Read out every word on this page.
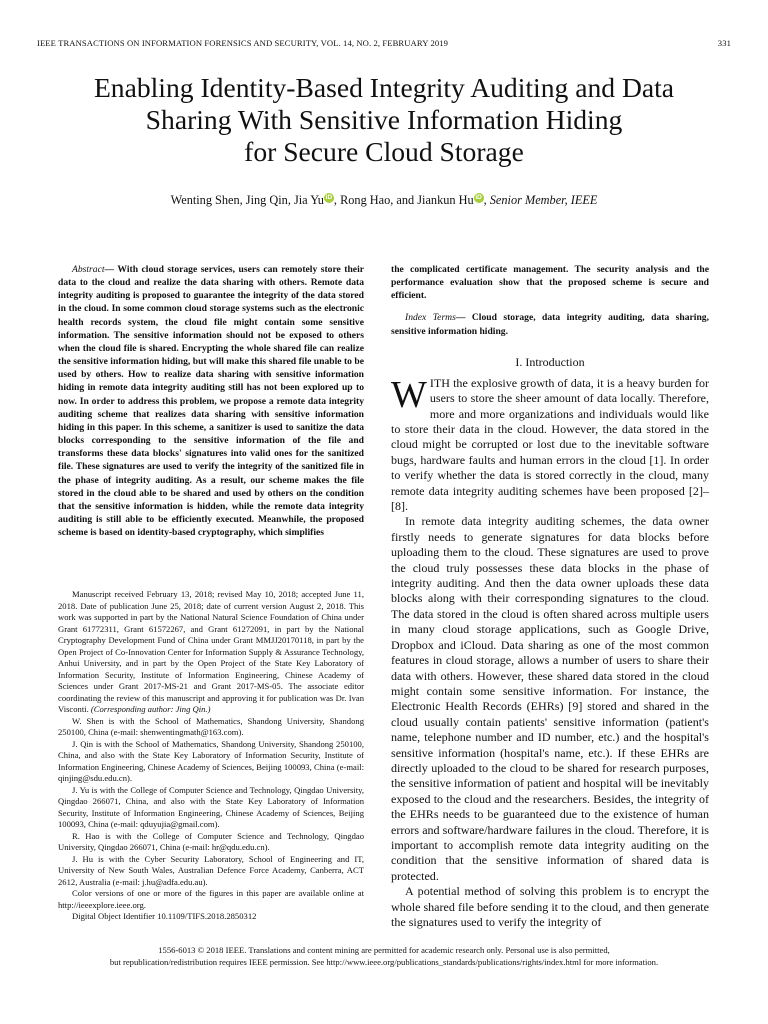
IEEE TRANSACTIONS ON INFORMATION FORENSICS AND SECURITY, VOL. 14, NO. 2, FEBRUARY 2019	331
Enabling Identity-Based Integrity Auditing and Data
Sharing With Sensitive Information Hiding
for Secure Cloud Storage
Wenting Shen, Jing Qin, Jia Yu iD , Rong Hao, and Jiankun Hu iD , Senior Member, IEEE

Abstract— With cloud storage services, users can remotely store their data to the cloud and realize the data sharing with others. Remote data integrity auditing is proposed to guarantee the integrity of the data stored in the cloud. In some common cloud storage systems such as the electronic health records system, the cloud file might contain some sensitive information. The sensitive information should not be exposed to others when the cloud file is shared. Encrypting the whole shared file can realize the sensitive information hiding, but will make this shared file unable to be used by others. How to realize data sharing with sensitive information hiding in remote data integrity auditing still has not been explored up to now. In order to address this problem, we propose a remote data integrity auditing scheme that realizes data sharing with sensitive information hiding in this paper. In this scheme, a sanitizer is used to sanitize the data blocks corresponding to the sensitive information of the file and transforms these data blocks' signatures into valid ones for the sanitized file. These signatures are used to verify the integrity of the sanitized file in the phase of integrity auditing. As a result, our scheme makes the file stored in the cloud able to be shared and used by others on the condition that the sensitive information is hidden, while the remote data integrity auditing is still able to be efficiently executed. Meanwhile, the proposed scheme is based on identity-based cryptography, which simplifies

Manuscript received February 13, 2018; revised May 10, 2018; accepted June 11, 2018. Date of publication June 25, 2018; date of current version August 2, 2018. This work was supported in part by the National Natural Science Foundation of China under Grant 61772311, Grant 61572267, and Grant 61272091, in part by the National Cryptography Development Fund of China under Grant MMJJ20170118, in part by the Open Project of Co-Innovation Center for Information Supply & Assurance Technology, Anhui University, and in part by the Open Project of the State Key Laboratory of Information Security, Institute of Information Engineering, Chinese Academy of Sciences under Grant 2017-MS-21 and Grant 2017-MS-05. The associate editor coordinating the review of this manuscript and approving it for publication was Dr. Ivan Visconti. (Corresponding author: Jing Qin.)

W. Shen is with the School of Mathematics, Shandong University, Shandong 250100, China (e-mail: shenwentingmath@163.com).

J. Qin is with the School of Mathematics, Shandong University, Shandong 250100, China, and also with the State Key Laboratory of Information Security, Institute of Information Engineering, Chinese Academy of Sciences, Beijing 100093, China (e-mail: qinjing@sdu.edu.cn).

J. Yu is with the College of Computer Science and Technology, Qingdao University, Qingdao 266071, China, and also with the State Key Laboratory of Information Security, Institute of Information Engineering, Chinese Academy of Sciences, Beijing 100093, China (e-mail: qduyujia@gmail.com).

R. Hao is with the College of Computer Science and Technology, Qingdao University, Qingdao 266071, China (e-mail: hr@qdu.edu.cn).

J. Hu is with the Cyber Security Laboratory, School of Engineering and IT, University of New South Wales, Australian Defence Force Academy, Canberra, ACT 2612, Australia (e-mail: j.hu@adfa.edu.au).

Color versions of one or more of the figures in this paper are available online at http://ieeexplore.ieee.org.

Digital Object Identifier 10.1109/TIFS.2018.2850312

the complicated certificate management. The security analysis and the performance evaluation show that the proposed scheme is secure and efficient.

Index Terms— Cloud storage, data integrity auditing, data sharing, sensitive information hiding.

I. Introduction

WITH the explosive growth of data, it is a heavy burden for users to store the sheer amount of data locally. Therefore, more and more organizations and individuals would like to store their data in the cloud. However, the data stored in the cloud might be corrupted or lost due to the inevitable software bugs, hardware faults and human errors in the cloud [1]. In order to verify whether the data is stored correctly in the cloud, many remote data integrity auditing schemes have been proposed [2]–[8].

In remote data integrity auditing schemes, the data owner firstly needs to generate signatures for data blocks before uploading them to the cloud. These signatures are used to prove the cloud truly possesses these data blocks in the phase of integrity auditing. And then the data owner uploads these data blocks along with their corresponding signatures to the cloud. The data stored in the cloud is often shared across multiple users in many cloud storage applications, such as Google Drive, Dropbox and iCloud. Data sharing as one of the most common features in cloud storage, allows a number of users to share their data with others. However, these shared data stored in the cloud might contain some sensitive information. For instance, the Electronic Health Records (EHRs) [9] stored and shared in the cloud usually contain patients' sensitive information (patient's name, telephone number and ID number, etc.) and the hospital's sensitive information (hospital's name, etc.). If these EHRs are directly uploaded to the cloud to be shared for research purposes, the sensitive information of patient and hospital will be inevitably exposed to the cloud and the researchers. Besides, the integrity of the EHRs needs to be guaranteed due to the existence of human errors and software/hardware failures in the cloud. Therefore, it is important to accomplish remote data integrity auditing on the condition that the sensitive information of shared data is protected.

A potential method of solving this problem is to encrypt the whole shared file before sending it to the cloud, and then generate the signatures used to verify the integrity of

1556-6013 © 2018 IEEE. Translations and content mining are permitted for academic research only. Personal use is also permitted,
but republication/redistribution requires IEEE permission. See http://www.ieee.org/publications_standards/publications/rights/index.html for more information.
